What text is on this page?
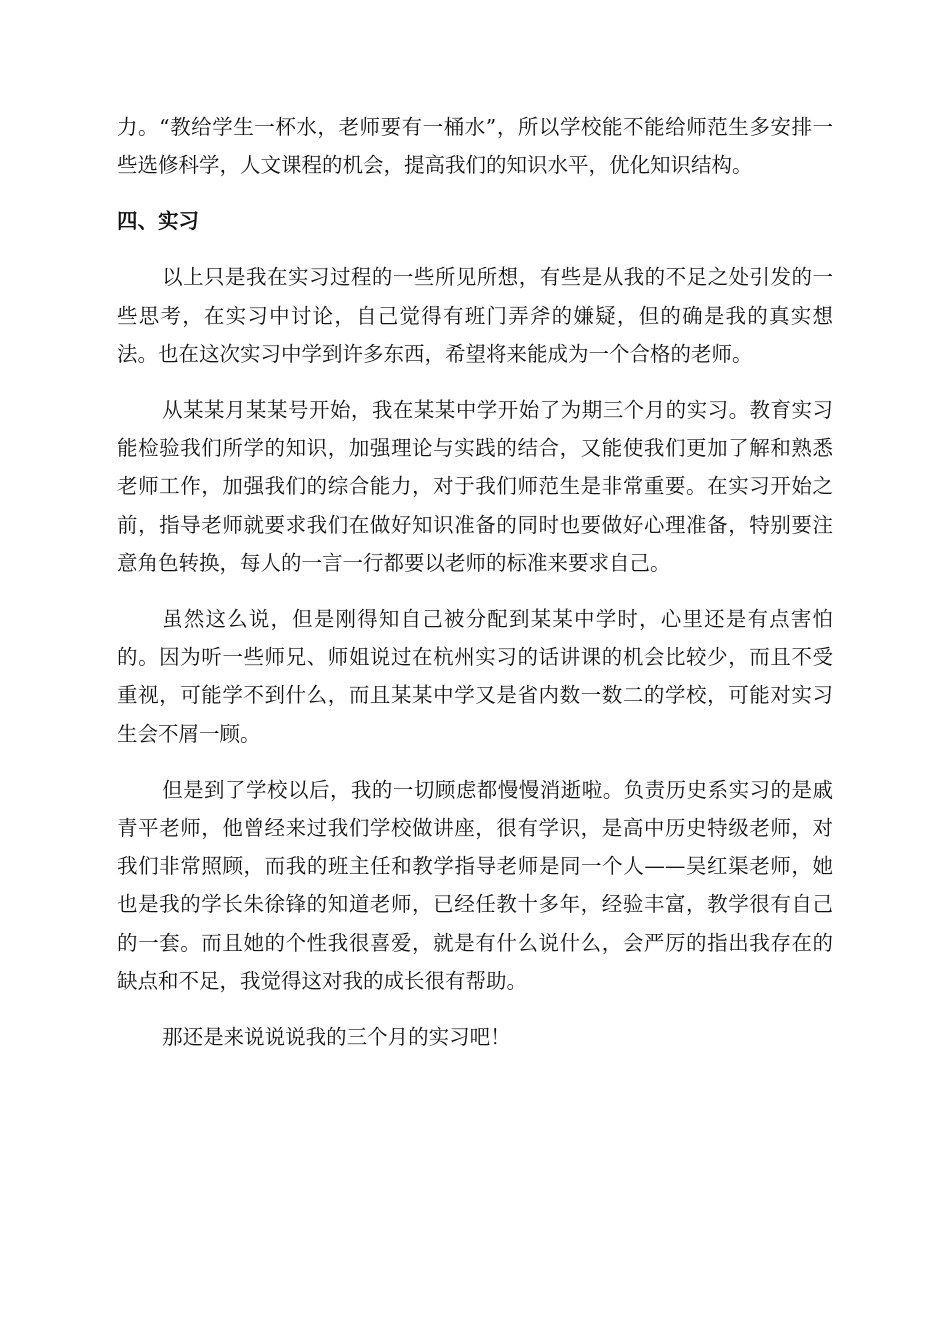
力。“教给学生一杯水，老师要有一桶水”，所以学校能不能给师范生多安排一些选修科学，人文课程的机会，提高我们的知识水平，优化知识结构。

四、实习

以上只是我在实习过程的一些所见所想，有些是从我的不足之处引发的一些思考，在实习中讨论，自己觉得有班门弄斧的嫌疑，但的确是我的真实想法。也在这次实习中学到许多东西，希望将来能成为一个合格的老师。

从某某月某某号开始，我在某某中学开始了为期三个月的实习。教育实习能检验我们所学的知识，加强理论与实践的结合，又能使我们更加了解和熟悉老师工作，加强我们的综合能力，对于我们师范生是非常重要。在实习开始之前，指导老师就要求我们在做好知识准备的同时也要做好心理准备，特别要注意角色转换，每人的一言一行都要以老师的标准来要求自己。

虽然这么说，但是刚得知自己被分配到某某中学时，心里还是有点害怕的。因为听一些师兄、师姐说过在杭州实习的话讲课的机会比较少，而且不受重视，可能学不到什么，而且某某中学又是省内数一数二的学校，可能对实习生会不屑一顾。

但是到了学校以后，我的一切顾虑都慢慢消逝啦。负责历史系实习的是戚青平老师，他曾经来过我们学校做讲座，很有学识，是高中历史特级老师，对我们非常照顾，而我的班主任和教学指导老师是同一个人——吴红渠老师，她也是我的学长朱徐锋的知道老师，已经任教十多年，经验丰富，教学很有自己的一套。而且她的个性我很喜爱，就是有什么说什么，会严厉的指出我存在的缺点和不足，我觉得这对我的成长很有帮助。

那还是来说说说我的三个月的实习吧！
